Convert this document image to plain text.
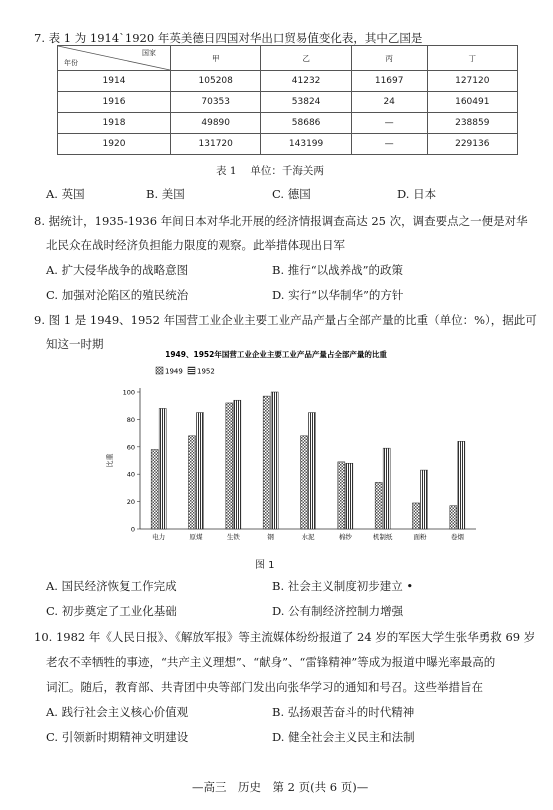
7. 表 1 为 1914ˋ1920 年英美德日四国对华出口贸易值变化表，其中乙国是
国家
年份	甲	乙	丙	丁
1914	105208	41232	11697	127120
1916	70353	53824	24	160491
1918	49890	58686	—	238859
1920	131720	143199	—	229136
表 1　 单位：千海关两
A. 英国	B. 美国	C. 德国	D. 日本
8. 据统计，1935-1936 年间日本对华北开展的经济情报调查高达 25 次，调查要点之一便是对华
北民众在战时经济负担能力限度的观察。此举措体现出日军
A. 扩大侵华战争的战略意图	B. 推行“以战养战”的政策
C. 加强对沦陷区的殖民统治	D. 实行“以华制华”的方针
9. 图 1 是 1949、1952 年国营工业企业主要工业产品产量占全部产量的比重（单位：%），据此可
知这一时期
1949、1952年国营工业企业主要工业产品产量占全部产量的比重
1949 1952
0
20
40
60
80
100
比重
电力	原煤	生铁	钢	水泥	棉纱	机制纸	面粉	卷烟
图 1
A. 国民经济恢复工作完成	B. 社会主义制度初步建立 •
C. 初步奠定了工业化基础	D. 公有制经济控制力增强
10. 1982 年《人民日报》、《解放军报》等主流媒体纷纷报道了 24 岁的军医大学生张华勇救 69 岁
老农不幸牺牲的事迹，“共产主义理想”、“献身”、“雷锋精神”等成为报道中曝光率最高的
词汇。随后，教育部、共青团中央等部门发出向张华学习的通知和号召。这些举措旨在
A. 践行社会主义核心价值观	B. 弘扬艰苦奋斗的时代精神
C. 引领新时期精神文明建设	D. 健全社会主义民主和法制
—高三　历史　第 2 页(共 6 页)—
